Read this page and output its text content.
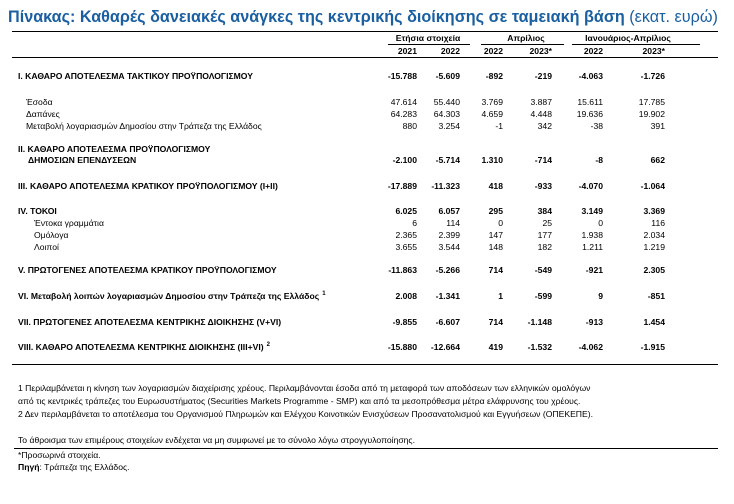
Πίνακας: Καθαρές δανειακές ανάγκες της κεντρικής διοίκησης σε ταμειακή βάση (εκατ. ευρώ)
Ετήσια στοιχεία	Απρίλιος	Ιανουάριος-Απρίλιος
2021	2022	2022	2023*	2022	2023*
I. ΚΑΘΑΡΟ ΑΠΟΤΕΛΕΣΜΑ ΤΑΚΤΙΚΟΥ ΠΡΟΫΠΟΛΟΓΙΣΜΟΥ	-15.788	-5.609	-892	-219	-4.063	-1.726
Έσοδα	47.614	55.440	3.769	3.887	15.611	17.785
Δαπάνες	64.283	64.303	4.659	4.448	19.636	19.902
Μεταβολή λογαριασμών Δημοσίου στην Τράπεζα της Ελλάδος	880	3.254	-1	342	-38	391
II. ΚΑΘΑΡΟ ΑΠΟΤΕΛΕΣΜΑ ΠΡΟΫΠΟΛΟΓΙΣΜΟΥ
ΔΗΜΟΣΙΩΝ ΕΠΕΝΔΥΣΕΩΝ	-2.100	-5.714	1.310	-714	-8	662
III. ΚΑΘΑΡΟ ΑΠΟΤΕΛΕΣΜΑ ΚΡΑΤΙΚΟΥ ΠΡΟΫΠΟΛΟΓΙΣΜΟΥ (I+II)	-17.889	-11.323	418	-933	-4.070	-1.064
IV. ΤΟΚΟΙ	6.025	6.057	295	384	3.149	3.369
Έντοκα γραμμάτια	6	114	0	25	0	116
Ομόλογα	2.365	2.399	147	177	1.938	2.034
Λοιποί	3.655	3.544	148	182	1.211	1.219
V. ΠΡΩΤΟΓΕΝΕΣ ΑΠΟΤΕΛΕΣΜΑ ΚΡΑΤΙΚΟΥ ΠΡΟΫΠΟΛΟΓΙΣΜΟΥ	-11.863	-5.266	714	-549	-921	2.305
VI. Μεταβολή λοιπών λογαριασμών Δημοσίου στην Τράπεζα της Ελλάδος $^1$	2.008	-1.341	1	-599	9	-851
VII. ΠΡΩΤΟΓΕΝΕΣ ΑΠΟΤΕΛΕΣΜΑ ΚΕΝΤΡΙΚΗΣ ΔΙΟΙΚΗΣΗΣ (V+VI)	-9.855	-6.607	714	-1.148	-913	1.454
VIII. ΚΑΘΑΡΟ ΑΠΟΤΕΛΕΣΜΑ ΚΕΝΤΡΙΚΗΣ ΔΙΟΙΚΗΣΗΣ (III+VI) $^2$	-15.880	-12.664	419	-1.532	-4.062	-1.915
1 Περιλαμβάνεται η κίνηση των λογαριασμών διαχείρισης χρέους. Περιλαμβάνονται έσοδα από τη μεταφορά των αποδόσεων των ελληνικών ομολόγων
από τις κεντρικές τράπεζες του Ευρωσυστήματος (Securities Markets Programme - SMP) και από τα μεσοπρόθεσμα μέτρα ελάφρυνσης του χρέους.
2 Δεν περιλαμβάνεται το αποτέλεσμα του Οργανισμού Πληρωμών και Ελέγχου Κοινοτικών Ενισχύσεων Προσανατολισμού και Εγγυήσεων (ΟΠΕΚΕΠΕ).
Το άθροισμα των επιμέρους στοιχείων ενδέχεται να μη συμφωνεί με το σύνολο λόγω στρογγυλοποίησης.
*Προσωρινά στοιχεία.
Πηγή: Τράπεζα της Ελλάδος.
